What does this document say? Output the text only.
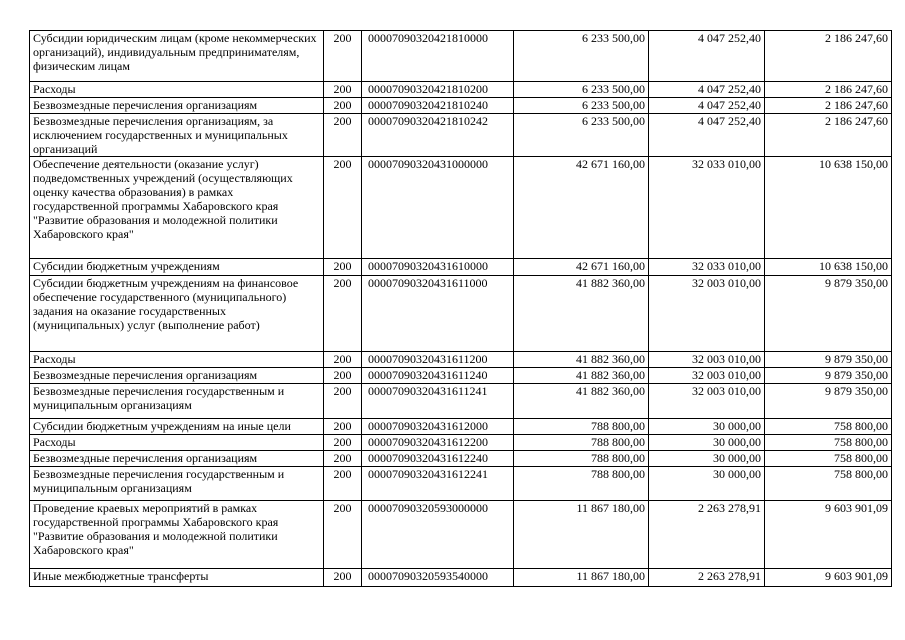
Субсидии юридическим лицам (кроме некоммерческих организаций), индивидуальным предпринимателям, физическим лицам	200	00007090320421810000	6 233 500,00	4 047 252,40	2 186 247,60
Расходы	200	00007090320421810200	6 233 500,00	4 047 252,40	2 186 247,60
Безвозмездные перечисления организациям	200	00007090320421810240	6 233 500,00	4 047 252,40	2 186 247,60
Безвозмездные перечисления организациям, за исключением государственных и муниципальных организаций	200	00007090320421810242	6 233 500,00	4 047 252,40	2 186 247,60
Обеспечение деятельности (оказание услуг) подведомственных учреждений (осуществляющих оценку качества образования) в рамках государственной программы Хабаровского края "Развитие образования и молодежной политики Хабаровского края"	200	00007090320431000000	42 671 160,00	32 033 010,00	10 638 150,00
Субсидии бюджетным учреждениям	200	00007090320431610000	42 671 160,00	32 033 010,00	10 638 150,00
Субсидии бюджетным учреждениям на финансовое обеспечение государственного (муниципального) задания на оказание государственных (муниципальных) услуг (выполнение работ)	200	00007090320431611000	41 882 360,00	32 003 010,00	9 879 350,00
Расходы	200	00007090320431611200	41 882 360,00	32 003 010,00	9 879 350,00
Безвозмездные перечисления организациям	200	00007090320431611240	41 882 360,00	32 003 010,00	9 879 350,00
Безвозмездные перечисления государственным и муниципальным организациям	200	00007090320431611241	41 882 360,00	32 003 010,00	9 879 350,00
Субсидии бюджетным учреждениям на иные цели	200	00007090320431612000	788 800,00	30 000,00	758 800,00
Расходы	200	00007090320431612200	788 800,00	30 000,00	758 800,00
Безвозмездные перечисления организациям	200	00007090320431612240	788 800,00	30 000,00	758 800,00
Безвозмездные перечисления государственным и муниципальным организациям	200	00007090320431612241	788 800,00	30 000,00	758 800,00
Проведение краевых мероприятий в рамках государственной программы Хабаровского края "Развитие образования и молодежной политики Хабаровского края"	200	00007090320593000000	11 867 180,00	2 263 278,91	9 603 901,09
Иные межбюджетные трансферты	200	00007090320593540000	11 867 180,00	2 263 278,91	9 603 901,09
